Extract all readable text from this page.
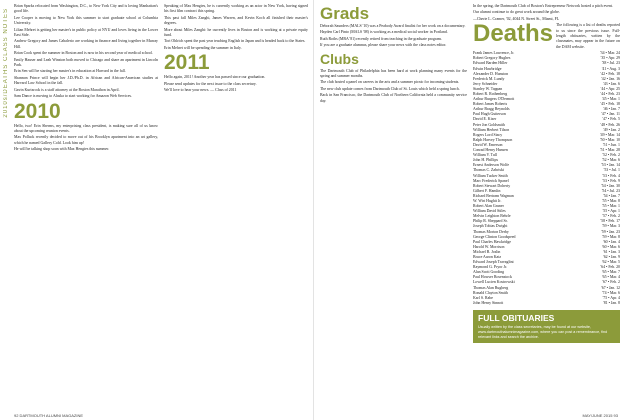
2010s/DEATHS CLASS NOTES

Brian Sparks relocated from Washington, D.C., to New York City and is loving Manhattan's good life.

Lee Cooper is moving to New York this summer to start graduate school at Columbia University.

Lilian Mehret is getting her master's in public policy at NYU and loves living in the Lower East Side.

Andrew Gregory and James Cabalerio are working in finance and living together in Murray Hill.

Brian Cook spent the summer in Boston and is now in his second year of medical school.

Emily Hauser and Leah Winston both moved to Chicago and share an apartment in Lincoln Park.

Erin Sen will be starting her master's in education at Harvard in the fall.

Shannon Prince will begin her J.D./Ph.D. in African and African-American studies at Harvard Law School in the fall.

Gavin Kurtzrock is a staff attorney at the Boston Marathon in April.

Sam Dance is moving to Alaska to start working for Amazon Web Services.

2010

Hello, two! Erin Sherms, my enterprising class president, is making sure all of us know about the upcoming reunion events.

Max Pollack recently decided to move out of his Brooklyn apartment into an art gallery, which he named Gallery Cold. Look him up!

He will be talking shop soon with Max Hengies this summer.

Speaking of Max Hengies, he is currently working as an actor in New York, having signed his first film contract this spring.

This past fall Miles Zanghi, James Warren, and Kevin Koch all finished their master's degrees.

More about Miles Zanghi: he currently lives in Boston and is working at a private equity fund.

Tori Ohlrich spent the past year teaching English in Japan and is headed back to the States.

Erin Mehret will be spending the summer in Italy.

2011

Hello again, 2011! Another year has passed since our graduation.

Please send updates for the next issue to the class secretary.

We'll love to hear your news. — Class of 2011

92 DARTMOUTH ALUMNI MAGAZINE
Grads

Deborah Saunders (MALS '10) was a Peabody Award finalist for her work on a documentary.

Hayden Carl Pinto (MALS '08) is working as a medical social worker in Portland.

Ruth Roths (MBA '81) recently retired from teaching in the graduate program.

If you are a graduate alumnus, please share your news with the class notes editor.

Clubs

The Dartmouth Club of Philadelphia has been hard at work planning many events for the spring and summer months.

The club hosted a panel on careers in the arts and a summer picnic for incoming students.

The new club update comes from Dartmouth Club of St. Louis which held a spring lunch.

Back in San Francisco, the Dartmouth Club of Northern California held a community service day.

In the spring, the Dartmouth Club of Boston's Entrepreneur Network hosted a pitch event.

Our alumni continue to do great work around the globe.

—Cherie L. Cramer, '02, 4044 N. Street St., Miami, FL

Deaths The following is a list of deaths reported to us since the previous issue. Full-length obituaries, written by the classmates, may appear in the future on the DAM website.

Frank James Lawrence, Jr.	'34 • Mar. 24
Robert Gregory Hughes	'35 • Apr. 29
Edward Barden Hiller	'38 • Jul. 23
Edwin Hawbridge	'41 • Aug. 3
Alexander D. Hunston	'42 • Feb. 18
Frederick M. Lundy	'42 • Jan. 16
Jerry Schneider	'43 • Jan. 6
Stanley W. Tappan	'44 • Apr. 25
Robert R. Rothenberg	'44 • Feb. 23
Arthur Burgess O'Dermott	'45 • Mar. 1
Robert James Roberts	'45 • Feb. 18
Arthur Bragg Reynolds	'46 • Jan. 7
Paul Hugh Gutterson	'47 • Jan. 11
David E. Kiser	'47 • Feb. 5
Peter Jon Goldsmith	'48 • Feb. 26
William Herbert Tilson	'49 • Jan. 2
Rogers Lord Stacy	'49 • Mar. 14
Ralph Harvey Thompson	'50 • Mar. 10
David W. Emerson	'51 • Jun. 1
Conrad Henry Hansen	'51 • Mar. 28
William V. Tull	'52 • Feb. 2
John H. Phillips	'52 • Mar. 6
Ernest Anderson Wolfe	'53 • Jan. 14
Thomas C. Zabriski	'53 • Jul. 1
William Tucker Smith	'53 • Feb. 4
Marc Frederick Spanel	'53 • Feb. 9
Robert Stewart Doherty	'54 • Jan. 30
Gilbert F. Hamlin	'54 • Jul. 23
Richard Bertram Wagman	'54 • Jan. 7
W. Wirt Hughit Jr.	'55 • Mar. 8
Robert Alan Gruner	'55 • Mar. 1
William David Stiles	'55 • Apr. 1
Melvin Leighton Behrle	'57 • Feb. 2
Philip R. Sheppard Sr.	'58 • Feb. 17
Joseph Tobias Dwight	'59 • Mar. 3
Thomas Morton Derby	'59 • Jan. 23
George Clinton Goodspeed	'59 • Mar. 8
Paul Charles Hawkridge	'60 • Jan. 4
Harold W. Morrison	'60 • Mar. 6
Michael B. Joslin	'61 • Jan. 3
Bruce Aaron Katz	'62 • Jan. 9
Edward Joseph Travaglini	'62 • Mar. 5
Raymond G. Pryor Jr.	'64 • Feb. 20
Alan Scott Gooding	'65 • Mar. 7
Paul Howser Rosenstock	'65 • Mar. 4
Lowell Lucien Kostrowski	'67 • Feb. 2
Thomas Alan Rugberg	'67 • Jan. 12
Ronald Clayton Smith	'74 • Mar. 6
Karl S. Rabe	'75 • Apr. 4
John Henry Sinnott	'81 • Jan. 8
FULL OBITUARIES
Usually written by the class secretaries, may be found at our website, www.dartmouthalumnimagazine.com, where you can post a remembrance, find relevant links and search the archive.
MAY/JUNE 2015 93
